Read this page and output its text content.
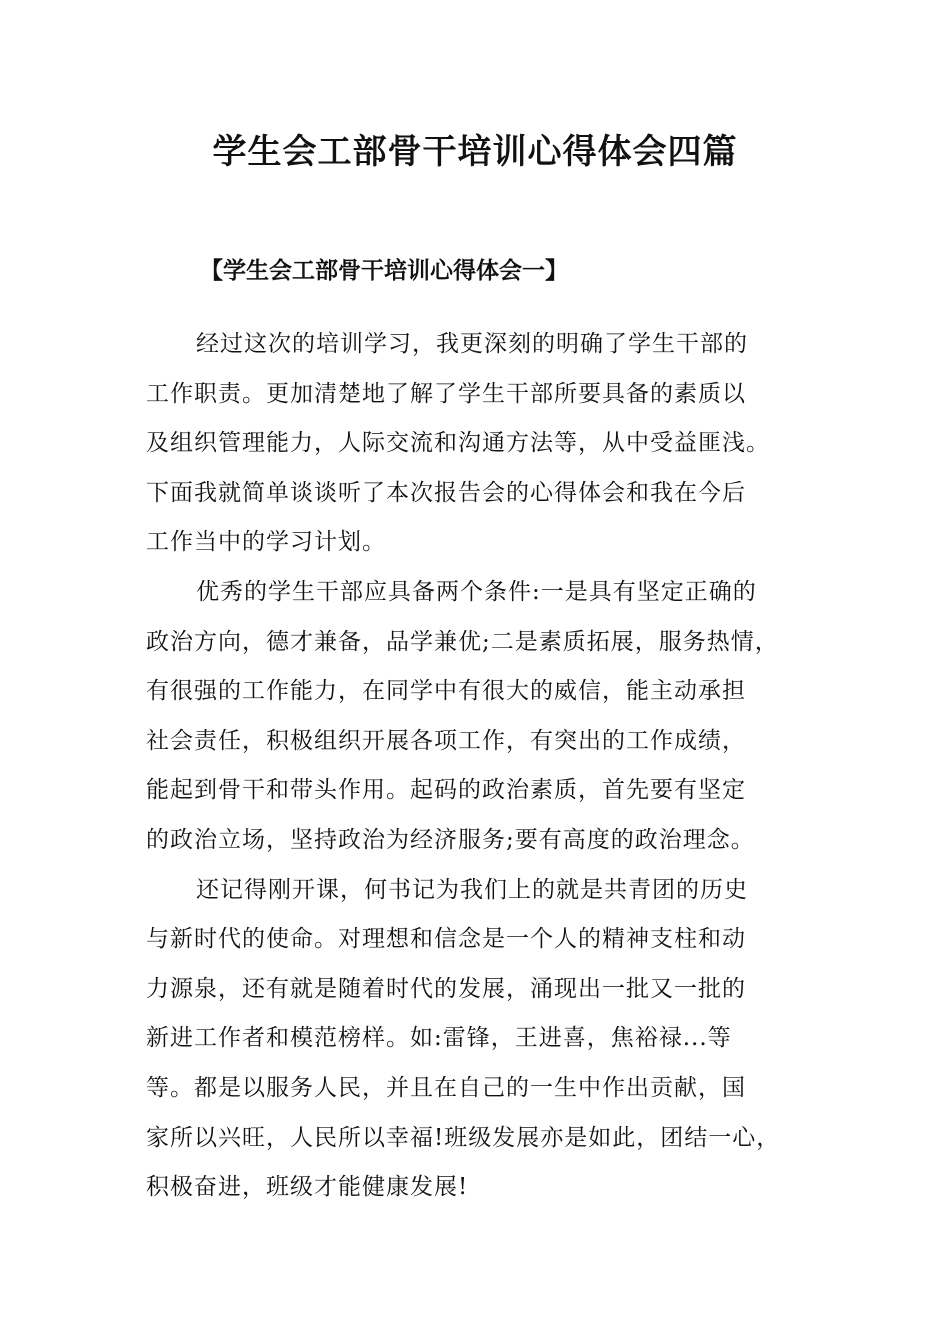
学生会工部骨干培训心得体会四篇
【学生会工部骨干培训心得体会一】

经过这次的培训学习，我更深刻的明确了学生干部的
工作职责。更加清楚地了解了学生干部所要具备的素质以
及组织管理能力，人际交流和沟通方法等，从中受益匪浅。
下面我就简单谈谈听了本次报告会的心得体会和我在今后
工作当中的学习计划。

优秀的学生干部应具备两个条件:一是具有坚定正确的
政治方向，德才兼备，品学兼优;二是素质拓展，服务热情，
有很强的工作能力，在同学中有很大的威信，能主动承担
社会责任，积极组织开展各项工作，有突出的工作成绩，
能起到骨干和带头作用。起码的政治素质，首先要有坚定
的政治立场，坚持政治为经济服务;要有高度的政治理念。

还记得刚开课，何书记为我们上的就是共青团的历史
与新时代的使命。对理想和信念是一个人的精神支柱和动
力源泉，还有就是随着时代的发展，涌现出一批又一批的
新进工作者和模范榜样。如:雷锋，王进喜，焦裕禄...等
等。都是以服务人民，并且在自己的一生中作出贡献，国
家所以兴旺，人民所以幸福!班级发展亦是如此，团结一心，
积极奋进，班级才能健康发展!
